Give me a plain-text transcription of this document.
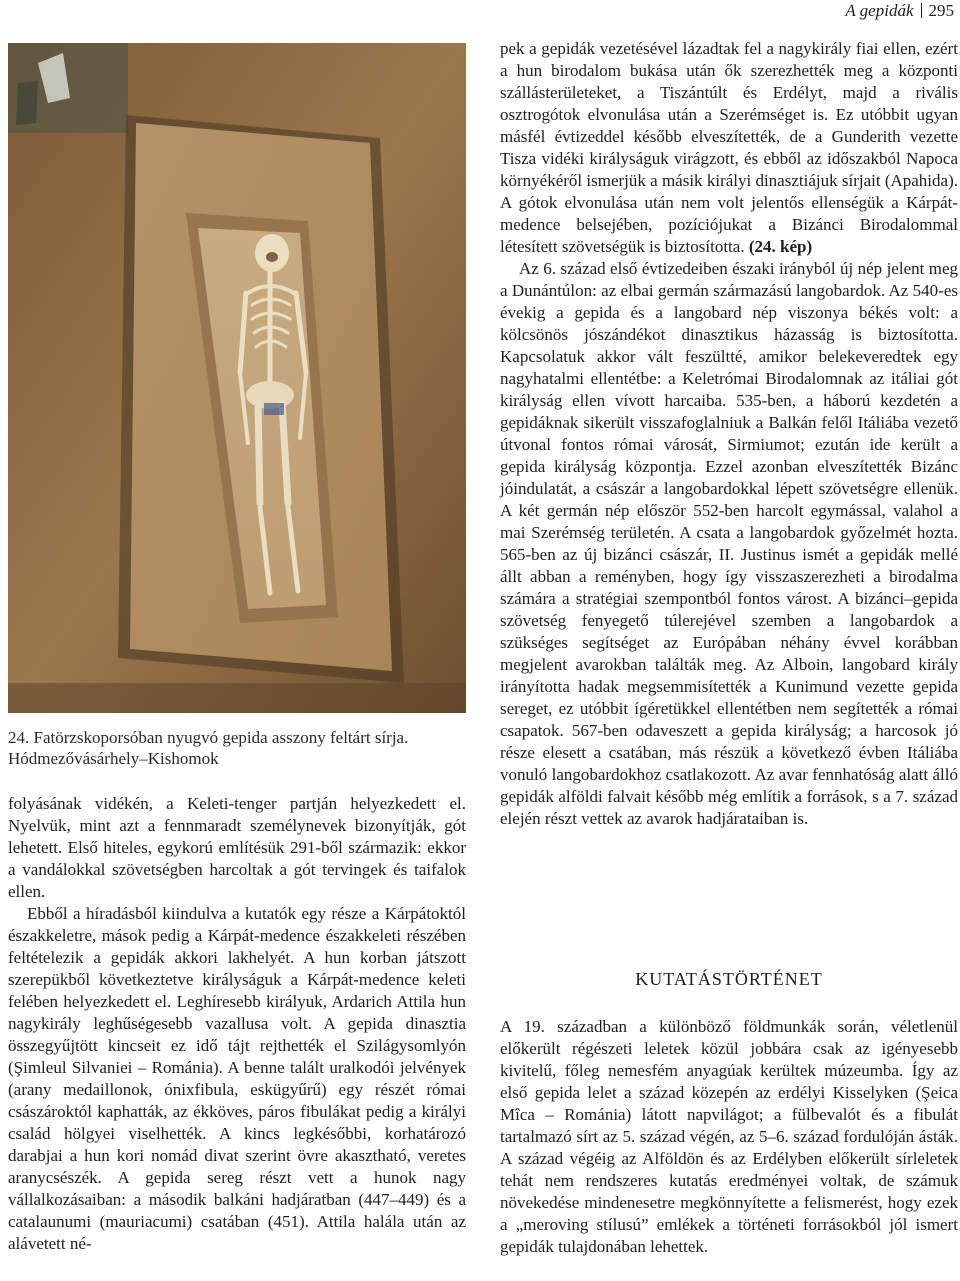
A gepidák 295

24. Fatörzskoporsóban nyugvó gepida asszony feltárt sírja.

Hódmezővásárhely–Kishomok

folyásának vidékén, a Keleti-tenger partján helyezkedett el. Nyelvük, mint azt a fennmaradt személynevek bizonyítják, gót lehetett. Első hiteles, egykorú említésük 291-ből származik: ekkor a vandálokkal szövetségben harcoltak a gót tervingek és taifalok ellen.

Ebből a híradásból kiindulva a kutatók egy része a Kárpátoktól északkeletre, mások pedig a Kárpát-medence északkeleti részében feltételezik a gepidák akkori lakhelyét. A hun korban játszott szerepükből következtetve királyságuk a Kárpát-medence keleti felében helyezkedett el. Leghíresebb királyuk, Ardarich Attila hun nagykirály leghűségesebb vazallusa volt. A gepida dinasztia összegyűjtött kincseit ez idő tájt rejthették el Szilágysomlyón (Şimleul Silvaniei – Románia). A benne talált uralkodói jelvények (arany medaillonok, ónixfibula, eskügyűrű) egy részét római császároktól kaphatták, az ékköves, páros fibulákat pedig a királyi család hölgyei viselhették. A kincs legkésőbbi, korhatározó darabjai a hun kori nomád divat szerint övre akasztható, veretes aranycsészék. A gepida sereg részt vett a hunok nagy vállalkozásaiban: a második balkáni hadjáratban (447–449) és a catalaunumi (mauriacumi) csatában (451). Attila halála után az alávetett né-

pek a gepidák vezetésével lázadtak fel a nagykirály fiai ellen, ezért a hun birodalom bukása után ők szerezhették meg a központi szállásterületeket, a Tiszántúlt és Erdélyt, majd a rivális osztrogótok elvonulása után a Szerémséget is. Ez utóbbit ugyan másfél évtizeddel később elveszítették, de a Gunderith vezette Tisza vidéki királyságuk virágzott, és ebből az időszakból Napoca környékéről ismerjük a másik királyi dinasztiájuk sírjait (Apahida). A gótok elvonulása után nem volt jelentős ellenségük a Kárpát-medence belsejében, pozíciójukat a Bizánci Birodalommal létesített szövetségük is biztosította. (24. kép)

Az 6. század első évtizedeiben északi irányból új nép jelent meg a Dunántúlon: az elbai germán származású langobardok. Az 540-es évekig a gepida és a langobard nép viszonya békés volt: a kölcsönös jószándékot dinasztikus házasság is biztosította. Kapcsolatuk akkor vált feszültté, amikor belekeveredtek egy nagyhatalmi ellentétbe: a Keletrómai Birodalomnak az itáliai gót királyság ellen vívott harcaiba. 535-ben, a háború kezdetén a gepidáknak sikerült visszafoglalniuk a Balkán felől Itáliába vezető útvonal fontos római városát, Sirmiumot; ezután ide került a gepida királyság központja. Ezzel azonban elveszítették Bizánc jóindulatát, a császár a langobardokkal lépett szövetségre ellenük. A két germán nép először 552-ben harcolt egymással, valahol a mai Szerémség területén. A csata a langobardok győzelmét hozta. 565-ben az új bizánci császár, II. Justinus ismét a gepidák mellé állt abban a reményben, hogy így visszaszerezheti a birodalma számára a stratégiai szempontból fontos várost. A bizánci–gepida szövetség fenyegető túlerejével szemben a langobardok a szükséges segítséget az Európában néhány évvel korábban megjelent avarokban találták meg. Az Alboin, langobard király irányította hadak megsemmisítették a Kunimund vezette gepida sereget, ez utóbbit ígéretükkel ellentétben nem segítették a római csapatok. 567-ben odaveszett a gepida királyság; a harcosok jó része elesett a csatában, más részük a következő évben Itáliába vonuló langobardokhoz csatlakozott. Az avar fennhatóság alatt álló gepidák alföldi falvait később még említik a források, s a 7. század elején részt vettek az avarok hadjárataiban is.

KUTATÁSTÖRTÉNET

A 19. században a különböző földmunkák során, véletlenül előkerült régészeti leletek közül jobbára csak az igényesebb kivitelű, főleg nemesfém anyagúak kerültek múzeumba. Így az első gepida lelet a század közepén az erdélyi Kisselyken (Şeica Mîca – Románia) látott napvilágot; a fülbevalót és a fibulát tartalmazó sírt az 5. század végén, az 5–6. század fordulóján ásták. A század végéig az Alföldön és az Erdélyben előkerült sírleletek tehát nem rendszeres kutatás eredményei voltak, de számuk növekedése mindenesetre megkönnyítette a felismerést, hogy ezek a „meroving stílusú” emlékek a történeti forrásokból jól ismert gepidák tulajdonában lehettek.
